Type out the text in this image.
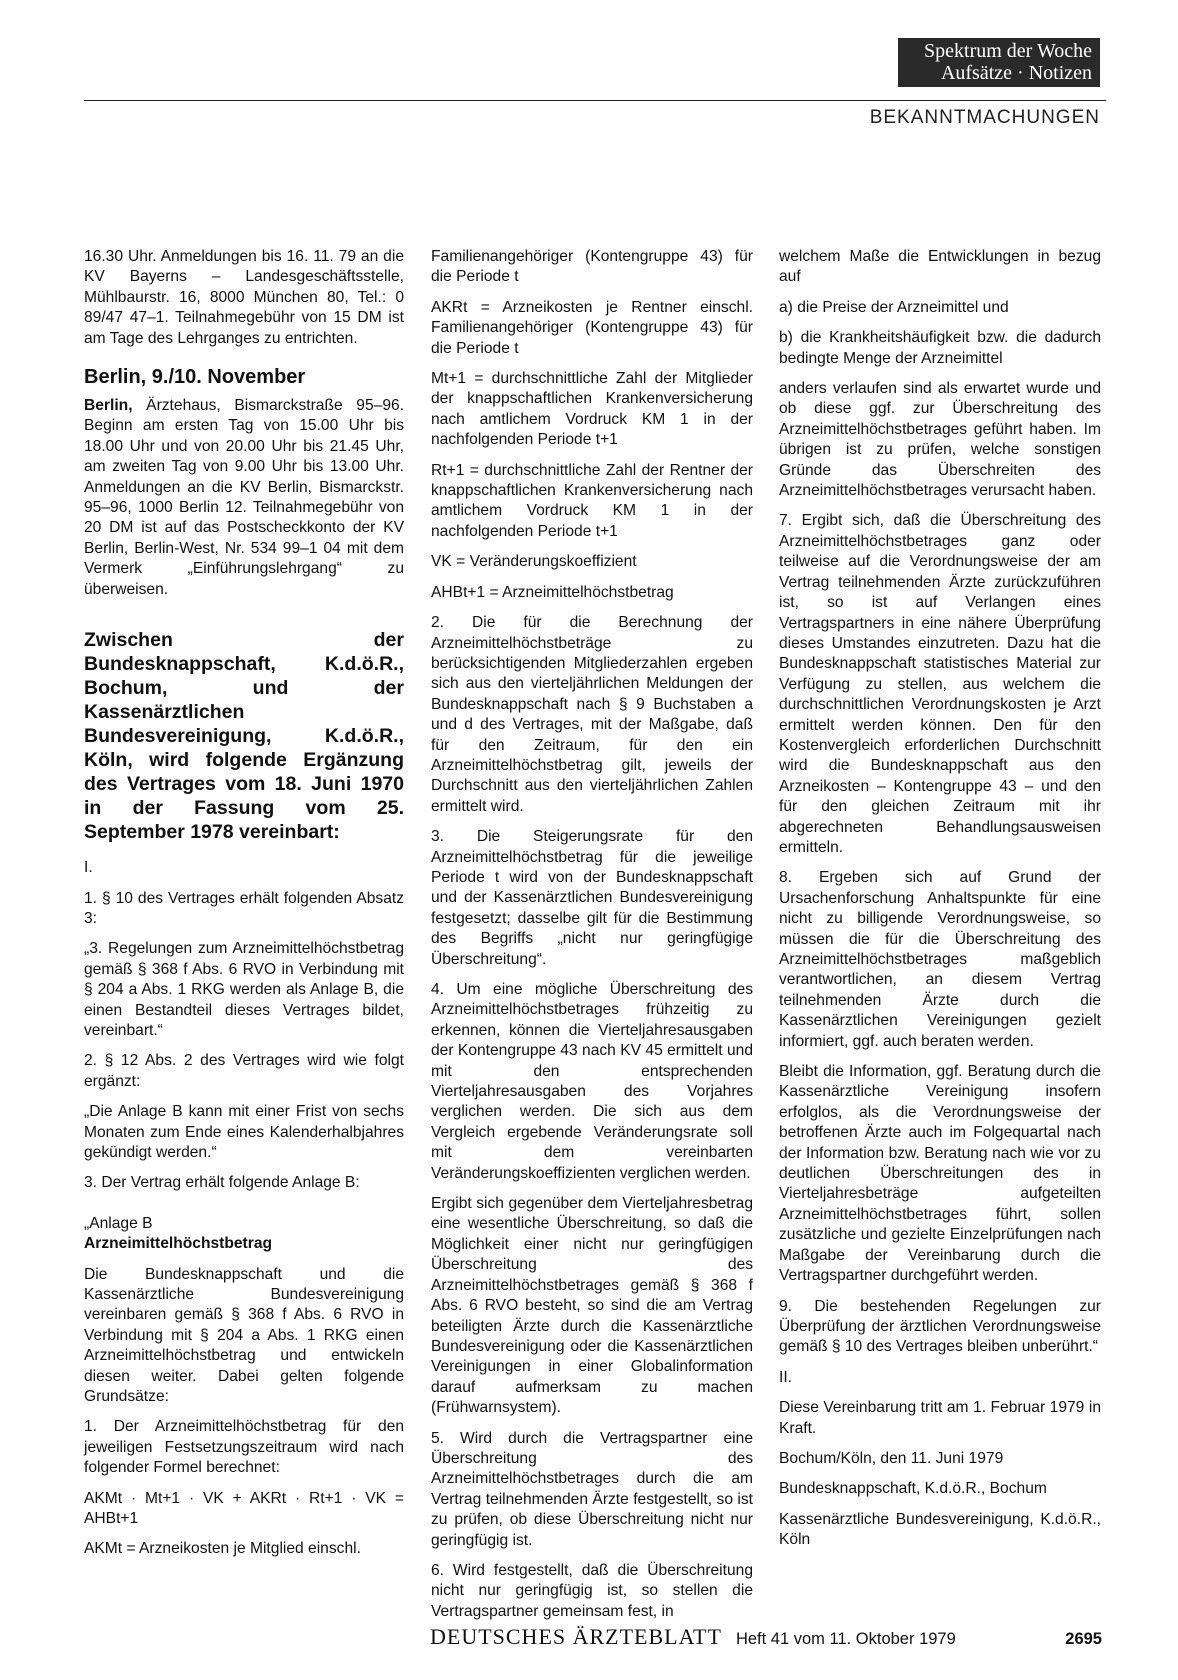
Spektrum der Woche
Aufsätze · Notizen
BEKANNTMACHUNGEN

16.30 Uhr. Anmeldungen bis 16. 11. 79 an die KV Bayerns – Landesgeschäftsstelle, Mühlbaurstr. 16, 8000 München 80, Tel.: 0 89/47 47–1. Teilnahmegebühr von 15 DM ist am Tage des Lehrganges zu entrichten.

Berlin, 9./10. November

Berlin, Ärztehaus, Bismarckstraße 95–96. Beginn am ersten Tag von 15.00 Uhr bis 18.00 Uhr und von 20.00 Uhr bis 21.45 Uhr, am zweiten Tag von 9.00 Uhr bis 13.00 Uhr. Anmeldungen an die KV Berlin, Bismarckstr. 95–96, 1000 Berlin 12. Teilnahmegebühr von 20 DM ist auf das Postscheckkonto der KV Berlin, Berlin-West, Nr. 534 99–1 04 mit dem Vermerk „Einführungslehrgang“ zu überweisen.

Zwischen der Bundesknappschaft, K.d.ö.R., Bochum, und der Kassenärztlichen Bundesvereinigung, K.d.ö.R., Köln, wird folgende Ergänzung des Vertrages vom 18. Juni 1970 in der Fassung vom 25. September 1978 vereinbart:

I.

1. § 10 des Vertrages erhält folgenden Absatz 3:

„3. Regelungen zum Arzneimittelhöchstbetrag gemäß § 368 f Abs. 6 RVO in Verbindung mit § 204 a Abs. 1 RKG werden als Anlage B, die einen Bestandteil dieses Vertrages bildet, vereinbart.“

2. § 12 Abs. 2 des Vertrages wird wie folgt ergänzt:

„Die Anlage B kann mit einer Frist von sechs Monaten zum Ende eines Kalenderhalbjahres gekündigt werden.“

3. Der Vertrag erhält folgende Anlage B:

„Anlage B

Arzneimittelhöchstbetrag

Die Bundesknappschaft und die Kassenärztliche Bundesvereinigung vereinbaren gemäß § 368 f Abs. 6 RVO in Verbindung mit § 204 a Abs. 1 RKG einen Arzneimittelhöchstbetrag und entwickeln diesen weiter. Dabei gelten folgende Grundsätze:

1. Der Arzneimittelhöchstbetrag für den jeweiligen Festsetzungszeitraum wird nach folgender Formel berechnet:

AKMt · Mt+1 · VK + AKRt · Rt+1 · VK = AHBt+1

AKMt = Arzneikosten je Mitglied einschl.

Familienangehöriger (Kontengruppe 43) für die Periode t

AKRt = Arzneikosten je Rentner einschl. Familienangehöriger (Kontengruppe 43) für die Periode t

Mt+1 = durchschnittliche Zahl der Mitglieder der knappschaftlichen Krankenversicherung nach amtlichem Vordruck KM 1 in der nachfolgenden Periode t+1

Rt+1 = durchschnittliche Zahl der Rentner der knappschaftlichen Krankenversicherung nach amtlichem Vordruck KM 1 in der nachfolgenden Periode t+1

VK = Veränderungskoeffizient

AHBt+1 = Arzneimittelhöchstbetrag

2. Die für die Berechnung der Arzneimittelhöchstbeträge zu berücksichtigenden Mitgliederzahlen ergeben sich aus den vierteljährlichen Meldungen der Bundesknappschaft nach § 9 Buchstaben a und d des Vertrages, mit der Maßgabe, daß für den Zeitraum, für den ein Arzneimittelhöchstbetrag gilt, jeweils der Durchschnitt aus den vierteljährlichen Zahlen ermittelt wird.

3. Die Steigerungsrate für den Arzneimittelhöchstbetrag für die jeweilige Periode t wird von der Bundesknappschaft und der Kassenärztlichen Bundesvereinigung festgesetzt; dasselbe gilt für die Bestimmung des Begriffs „nicht nur geringfügige Überschreitung“.

4. Um eine mögliche Überschreitung des Arzneimittelhöchstbetrages frühzeitig zu erkennen, können die Vierteljahresausgaben der Kontengruppe 43 nach KV 45 ermittelt und mit den entsprechenden Vierteljahresausgaben des Vorjahres verglichen werden. Die sich aus dem Vergleich ergebende Veränderungsrate soll mit dem vereinbarten Veränderungskoeffizienten verglichen werden.

Ergibt sich gegenüber dem Vierteljahresbetrag eine wesentliche Überschreitung, so daß die Möglichkeit einer nicht nur geringfügigen Überschreitung des Arzneimittelhöchstbetrages gemäß § 368 f Abs. 6 RVO besteht, so sind die am Vertrag beteiligten Ärzte durch die Kassenärztliche Bundesvereinigung oder die Kassenärztlichen Vereinigungen in einer Globalinformation darauf aufmerksam zu machen (Frühwarnsystem).

5. Wird durch die Vertragspartner eine Überschreitung des Arzneimittelhöchstbetrages durch die am Vertrag teilnehmenden Ärzte festgestellt, so ist zu prüfen, ob diese Überschreitung nicht nur geringfügig ist.

6. Wird festgestellt, daß die Überschreitung nicht nur geringfügig ist, so stellen die Vertragspartner gemeinsam fest, in

welchem Maße die Entwicklungen in bezug auf

a) die Preise der Arzneimittel und

b) die Krankheitshäufigkeit bzw. die dadurch bedingte Menge der Arzneimittel

anders verlaufen sind als erwartet wurde und ob diese ggf. zur Überschreitung des Arzneimittelhöchstbetrages geführt haben. Im übrigen ist zu prüfen, welche sonstigen Gründe das Überschreiten des Arzneimittelhöchstbetrages verursacht haben.

7. Ergibt sich, daß die Überschreitung des Arzneimittelhöchstbetrages ganz oder teilweise auf die Verordnungsweise der am Vertrag teilnehmenden Ärzte zurückzuführen ist, so ist auf Verlangen eines Vertragspartners in eine nähere Überprüfung dieses Umstandes einzutreten. Dazu hat die Bundesknappschaft statistisches Material zur Verfügung zu stellen, aus welchem die durchschnittlichen Verordnungskosten je Arzt ermittelt werden können. Den für den Kostenvergleich erforderlichen Durchschnitt wird die Bundesknappschaft aus den Arzneikosten – Kontengruppe 43 – und den für den gleichen Zeitraum mit ihr abgerechneten Behandlungsausweisen ermitteln.

8. Ergeben sich auf Grund der Ursachenforschung Anhaltspunkte für eine nicht zu billigende Verordnungsweise, so müssen die für die Überschreitung des Arzneimittelhöchstbetrages maßgeblich verantwortlichen, an diesem Vertrag teilnehmenden Ärzte durch die Kassenärztlichen Vereinigungen gezielt informiert, ggf. auch beraten werden.

Bleibt die Information, ggf. Beratung durch die Kassenärztliche Vereinigung insofern erfolglos, als die Verordnungsweise der betroffenen Ärzte auch im Folgequartal nach der Information bzw. Beratung nach wie vor zu deutlichen Überschreitungen des in Vierteljahresbeträge aufgeteilten Arzneimittelhöchstbetrages führt, sollen zusätzliche und gezielte Einzelprüfungen nach Maßgabe der Vereinbarung durch die Vertragspartner durchgeführt werden.

9. Die bestehenden Regelungen zur Überprüfung der ärztlichen Verordnungsweise gemäß § 10 des Vertrages bleiben unberührt.“

II.

Diese Vereinbarung tritt am 1. Februar 1979 in Kraft.

Bochum/Köln, den 11. Juni 1979

Bundesknappschaft, K.d.ö.R., Bochum

Kassenärztliche Bundesvereinigung, K.d.ö.R., Köln

DEUTSCHES ÄRZTEBLATT Heft 41 vom 11. Oktober 1979	2695
